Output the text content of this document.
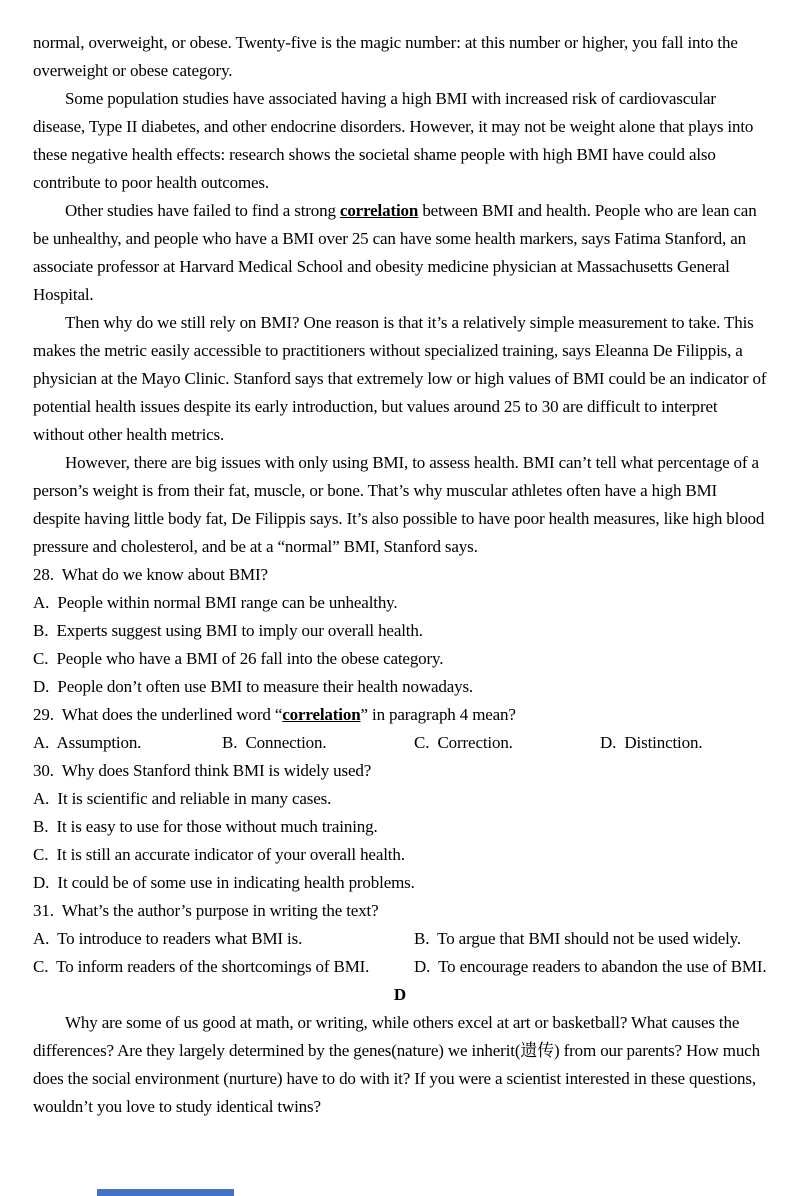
normal, overweight, or obese. Twenty-five is the magic number: at this number or higher, you fall into the overweight or obese category.

Some population studies have associated having a high BMI with increased risk of cardiovascular disease, Type II diabetes, and other endocrine disorders. However, it may not be weight alone that plays into these negative health effects: research shows the societal shame people with high BMI have could also contribute to poor health outcomes.

Other studies have failed to find a strong correlation between BMI and health. People who are lean can be unhealthy, and people who have a BMI over 25 can have some health markers, says Fatima Stanford, an associate professor at Harvard Medical School and obesity medicine physician at Massachusetts General Hospital.

Then why do we still rely on BMI? One reason is that it’s a relatively simple measurement to take. This makes the metric easily accessible to practitioners without specialized training, says Eleanna De Filippis, a physician at the Mayo Clinic. Stanford says that extremely low or high values of BMI could be an indicator of potential health issues despite its early introduction, but values around 25 to 30 are difficult to interpret without other health metrics.

However, there are big issues with only using BMI, to assess health. BMI can’t tell what percentage of a person’s weight is from their fat, muscle, or bone. That’s why muscular athletes often have a high BMI despite having little body fat, De Filippis says. It’s also possible to have poor health measures, like high blood pressure and cholesterol, and be at a “normal” BMI, Stanford says.

28.  What do we know about BMI?

A.  People within normal BMI range can be unhealthy.

B.  Experts suggest using BMI to imply our overall health.

C.  People who have a BMI of 26 fall into the obese category.

D.  People don’t often use BMI to measure their health nowadays.

29.  What does the underlined word “correlation” in paragraph 4 mean?

A.  Assumption.	B.  Connection.	C.  Correction.	D.  Distinction.

30.  Why does Stanford think BMI is widely used?

A.  It is scientific and reliable in many cases.

B.  It is easy to use for those without much training.

C.  It is still an accurate indicator of your overall health.

D.  It could be of some use in indicating health problems.

31.  What’s the author’s purpose in writing the text?

A.  To introduce to readers what BMI is.	B.  To argue that BMI should not be used widely.
C.  To inform readers of the shortcomings of BMI.	D.  To encourage readers to abandon the use of BMI.

D

Why are some of us good at math, or writing, while others excel at art or basketball? What causes the differences? Are they largely determined by the genes(nature) we inherit(遗传) from our parents? How much does the social environment (nurture) have to do with it? If you were a scientist interested in these questions, wouldn’t you love to study identical twins?
